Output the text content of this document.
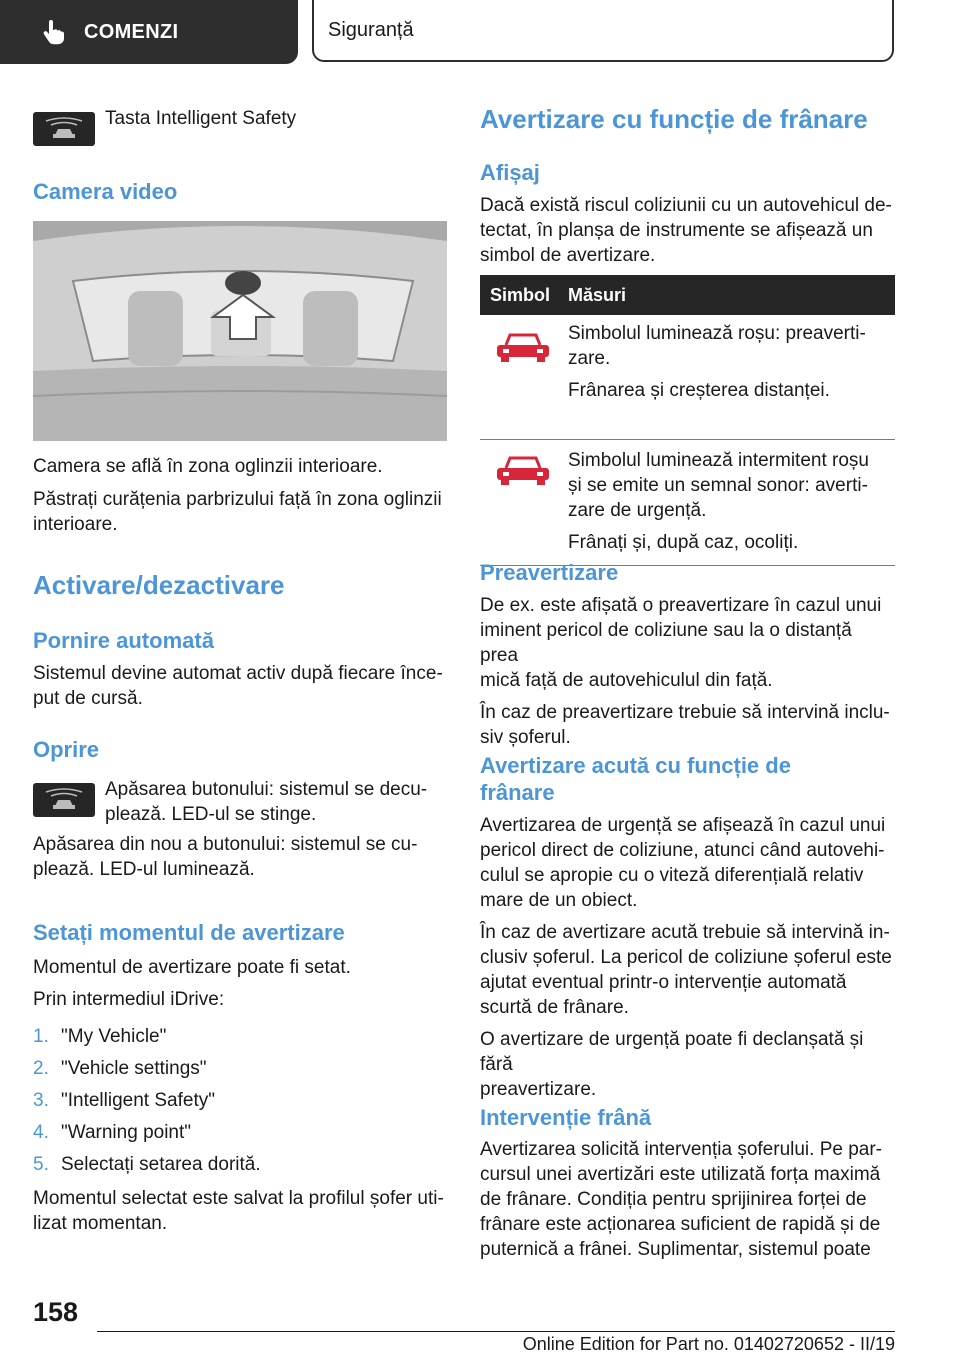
COMENZI	Siguranță

Tasta Intelligent Safety

Camera video

Camera se află în zona oglinzii interioare.

Păstrați curățenia parbrizului față în zona oglinzii

interioare.

Activare/dezactivare
Pornire automată

Sistemul devine automat activ după fiecare înce-

put de cursă.

Oprire

Apăsarea butonului: sistemul se decu-

plează. LED-ul se stinge.

Apăsarea din nou a butonului: sistemul se cu-

plează. LED-ul luminează.

Setați momentul de avertizare

Momentul de avertizare poate fi setat.

Prin intermediul iDrive:

1. "My Vehicle"
2. "Vehicle settings"
3. "Intelligent Safety"
4. "Warning point"
5. Selectați setarea dorită.

Momentul selectat este salvat la profilul șofer uti-

lizat momentan.

Avertizare cu funcție de frânare
Afișaj

Dacă există riscul coliziunii cu un autovehicul de-

tectat, în planșa de instrumente se afișează un

simbol de avertizare.

Simbol	Măsuri

Simbolul luminează roșu: preaverti-

zare.

Frânarea și creșterea distanței.

Simbolul luminează intermitent roșu

și se emite un semnal sonor: averti-

zare de urgență.

Frânați și, după caz, ocoliți.

Preavertizare

De ex. este afișată o preavertizare în cazul unui

iminent pericol de coliziune sau la o distanță prea

mică față de autovehiculul din față.

În caz de preavertizare trebuie să intervină inclu-

siv șoferul.

Avertizare acută cu funcție de

frânare

Avertizarea de urgență se afișează în cazul unui

pericol direct de coliziune, atunci când autovehi-

culul se apropie cu o viteză diferențială relativ

mare de un obiect.

În caz de avertizare acută trebuie să intervină in-

clusiv șoferul. La pericol de coliziune șoferul este

ajutat eventual printr-o intervenție automată

scurtă de frânare.

O avertizare de urgență poate fi declanșată și fără

preavertizare.

Intervenție frână

Avertizarea solicită intervenția șoferului. Pe par-

cursul unei avertizări este utilizată forța maximă

de frânare. Condiția pentru sprijinirea forței de

frânare este acționarea suficient de rapidă și de

puternică a frânei. Suplimentar, sistemul poate

158
Online Edition for Part no. 01402720652 - II/19
